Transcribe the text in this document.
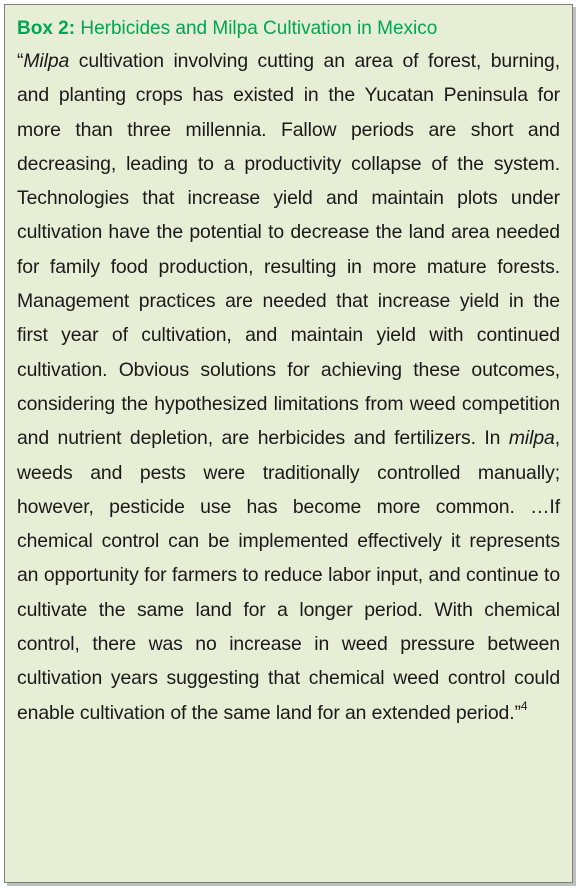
Box 2: Herbicides and Milpa Cultivation in Mexico

“Milpa cultivation involving cutting an area of forest, burning, and planting crops has existed in the Yucatan Peninsula for more than three millennia. Fallow periods are short and decreasing, leading to a productivity collapse of the system. Technologies that increase yield and maintain plots under cultivation have the potential to decrease the land area needed for family food production, resulting in more mature forests. Management practices are needed that increase yield in the first year of cultivation, and maintain yield with continued cultivation. Obvious solutions for achieving these outcomes, considering the hypothesized limitations from weed competition and nutrient depletion, are herbicides and fertilizers. In milpa, weeds and pests were traditionally controlled manually; however, pesticide use has become more common. …If chemical control can be implemented effectively it represents an opportunity for farmers to reduce labor input, and continue to cultivate the same land for a longer period. With chemical control, there was no increase in weed pressure between cultivation years suggesting that chemical weed control could enable cultivation of the same land for an extended period.”$^4$
